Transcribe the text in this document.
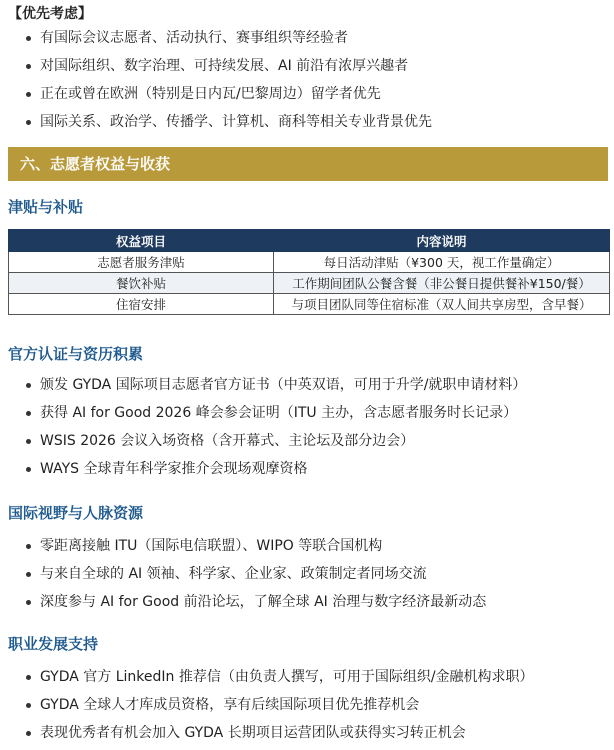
【优先考虑】
有国际会议志愿者、活动执行、赛事组织等经验者
对国际组织、数字治理、可持续发展、AI 前沿有浓厚兴趣者
正在或曾在欧洲（特别是日内瓦/巴黎周边）留学者优先
国际关系、政治学、传播学、计算机、商科等相关专业背景优先
六、志愿者权益与收获
津贴与补贴
权益项目	内容说明
志愿者服务津贴	每日活动津贴（¥300 天，视工作量确定）
餐饮补贴	工作期间团队公餐含餐（非公餐日提供餐补¥150/餐）
住宿安排	与项目团队同等住宿标准（双人间共享房型，含早餐）
官方认证与资历积累
颁发 GYDA 国际项目志愿者官方证书（中英双语，可用于升学/就职申请材料）
获得 AI for Good 2026 峰会参会证明（ITU 主办，含志愿者服务时长记录）
WSIS 2026 会议入场资格（含开幕式、主论坛及部分边会）
WAYS 全球青年科学家推介会现场观摩资格
国际视野与人脉资源
零距离接触 ITU（国际电信联盟）、WIPO 等联合国机构
与来自全球的 AI 领袖、科学家、企业家、政策制定者同场交流
深度参与 AI for Good 前沿论坛，了解全球 AI 治理与数字经济最新动态
职业发展支持
GYDA 官方 LinkedIn 推荐信（由负责人撰写，可用于国际组织/金融机构求职）
GYDA 全球人才库成员资格，享有后续国际项目优先推荐机会
表现优秀者有机会加入 GYDA 长期项目运营团队或获得实习转正机会
